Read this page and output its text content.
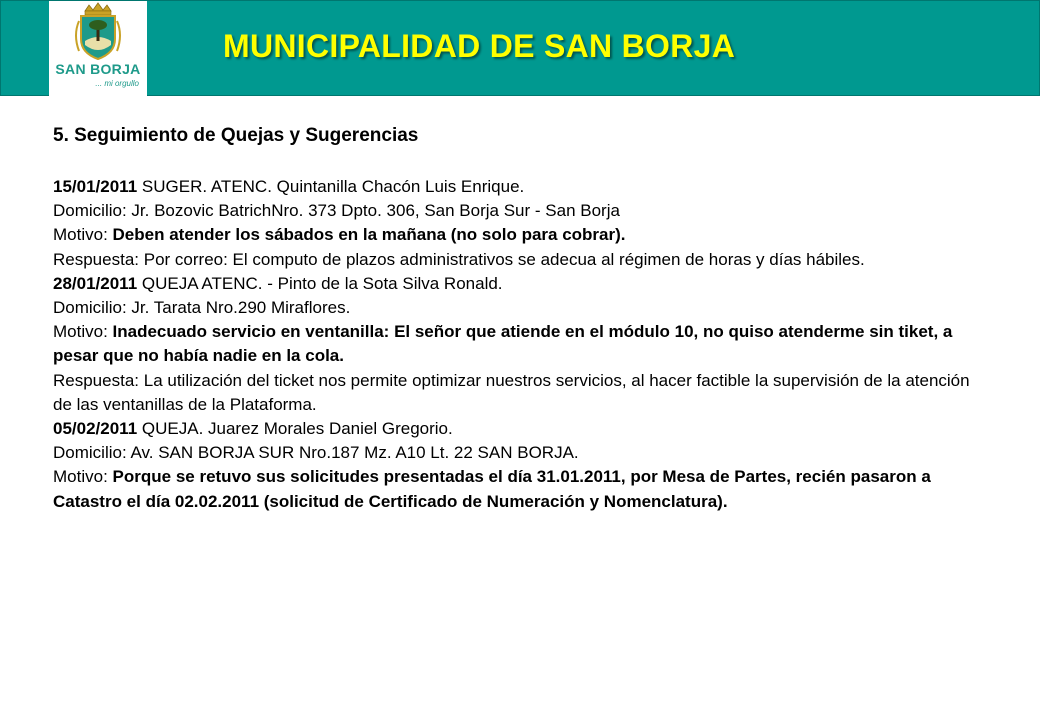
SAN BORJA
... mi orgullo
MUNICIPALIDAD DE SAN BORJA

5. Seguimiento de Quejas y Sugerencias

15/01/2011 SUGER. ATENC. Quintanilla Chacón Luis Enrique.

Domicilio: Jr. Bozovic BatrichNro. 373 Dpto. 306, San Borja Sur - San Borja

Motivo: Deben atender los sábados en la mañana (no solo para cobrar).

Respuesta: Por correo: El computo de plazos administrativos se adecua al régimen de horas y días hábiles.

28/01/2011 QUEJA ATENC. - Pinto de la Sota Silva Ronald.

Domicilio: Jr. Tarata Nro.290 Miraflores.

Motivo: Inadecuado servicio en ventanilla: El señor que atiende en el módulo 10, no quiso atenderme sin tiket, a pesar que no había nadie en la cola.

Respuesta: La utilización del ticket nos permite optimizar nuestros servicios, al hacer factible la supervisión de la atención de las ventanillas de la Plataforma.

05/02/2011 QUEJA. Juarez Morales Daniel Gregorio.

Domicilio: Av. SAN BORJA SUR Nro.187 Mz. A10 Lt. 22 SAN BORJA.

Motivo: Porque se retuvo sus solicitudes presentadas el día 31.01.2011, por Mesa de Partes, recién pasaron a Catastro el día 02.02.2011 (solicitud de Certificado de Numeración y Nomenclatura).
